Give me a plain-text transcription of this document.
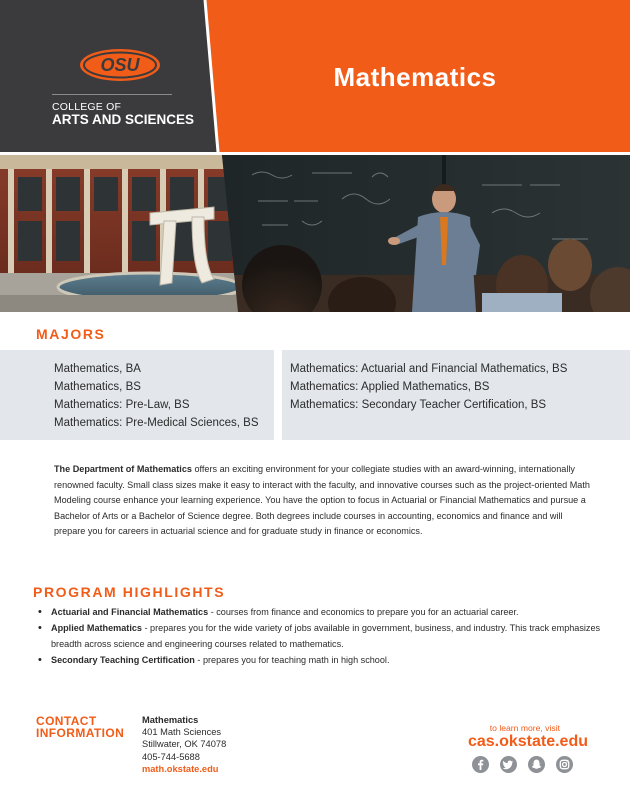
OSU
COLLEGE OF
ARTS AND SCIENCES
Mathematics
MAJORS
Mathematics, BA
Mathematics, BS
Mathematics: Pre-Law, BS
Mathematics: Pre-Medical Sciences, BS
Mathematics: Actuarial and Financial Mathematics, BS
Mathematics: Applied Mathematics, BS
Mathematics: Secondary Teacher Certification, BS
The Department of Mathematics offers an exciting environment for your collegiate studies with an award-winning, internationally renowned faculty. Small class sizes make it easy to interact with the faculty, and innovative courses such as the project-oriented Math Modeling course enhance your learning experience. You have the option to focus in Actuarial or Financial Mathematics and pursue a Bachelor of Arts or a Bachelor of Science degree. Both degrees include courses in accounting, economics and finance and will prepare you for careers in actuarial science and for graduate study in finance or economics.
PROGRAM HIGHLIGHTS
• Actuarial and Financial Mathematics - courses from finance and economics to prepare you for an actuarial career.
• Applied Mathematics - prepares you for the wide variety of jobs available in government, business, and industry. This track emphasizes breadth across science and engineering courses related to mathematics.
• Secondary Teaching Certification - prepares you for teaching math in high school.
CONTACT
INFORMATION
Mathematics
401 Math Sciences
Stillwater, OK 74078
405-744-5688
math.okstate.edu
to learn more, visit
cas.okstate.edu
